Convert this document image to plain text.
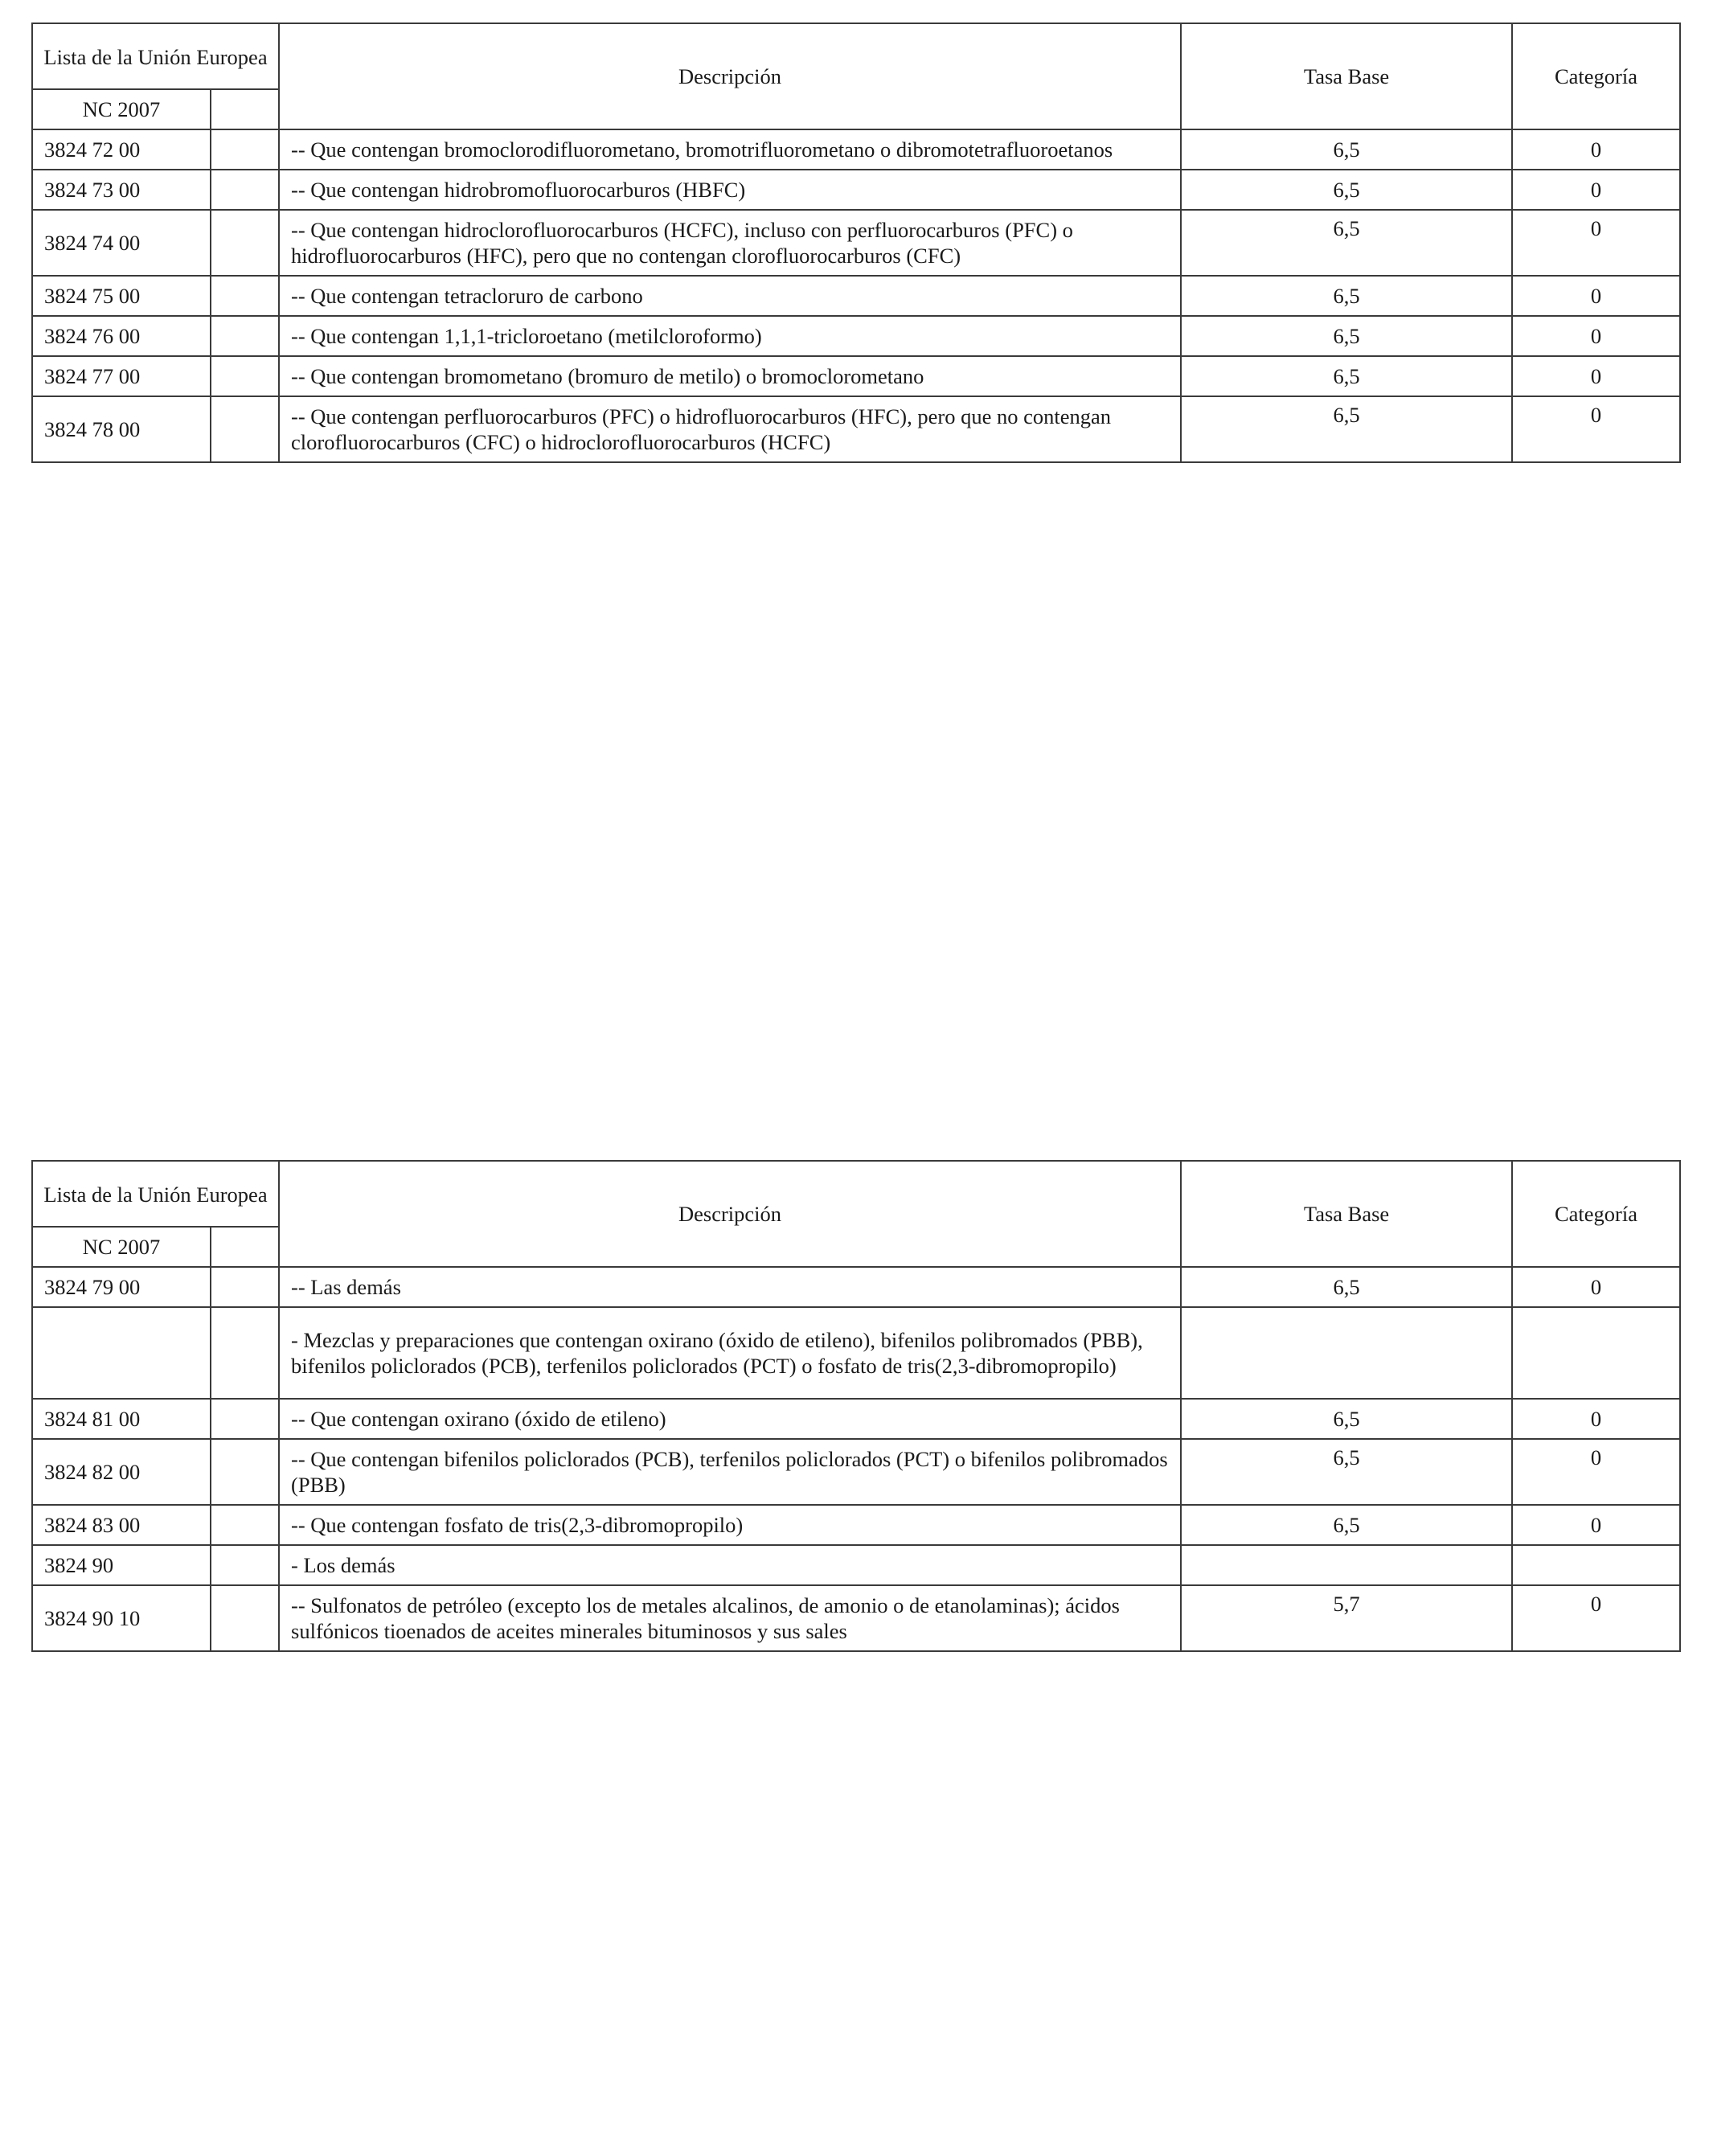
Lista de la Unión Europea		Descripción	Tasa Base	Categoría
NC 2007				
3824 72 00		-- Que contengan bromoclorodifluorometano, bromotrifluorometano o dibromotetrafluoroetanos	6,5	0
3824 73 00		-- Que contengan hidrobromofluorocarburos (HBFC)	6,5	0
3824 74 00		-- Que contengan hidroclorofluorocarburos (HCFC), incluso con perfluorocarburos (PFC) o hidrofluorocarburos (HFC), pero que no contengan clorofluorocarburos (CFC)	6,5	0
3824 75 00		-- Que contengan tetracloruro de carbono	6,5	0
3824 76 00		-- Que contengan 1,1,1-tricloroetano (metilcloroformo)	6,5	0
3824 77 00		-- Que contengan bromometano (bromuro de metilo) o bromoclorometano	6,5	0
3824 78 00		-- Que contengan perfluorocarburos (PFC) o hidrofluorocarburos (HFC), pero que no contengan clorofluorocarburos (CFC) o hidroclorofluorocarburos (HCFC)	6,5	0
Lista de la Unión Europea		Descripción	Tasa Base	Categoría
NC 2007				
3824 79 00		-- Las demás	6,5	0
		- Mezclas y preparaciones que contengan oxirano (óxido de etileno), bifenilos polibromados (PBB), bifenilos policlorados (PCB), terfenilos policlorados (PCT) o fosfato de tris(2,3-dibromopropilo)		
3824 81 00		-- Que contengan oxirano (óxido de etileno)	6,5	0
3824 82 00		-- Que contengan bifenilos policlorados (PCB), terfenilos policlorados (PCT) o bifenilos polibromados (PBB)	6,5	0
3824 83 00		-- Que contengan fosfato de tris(2,3-dibromopropilo)	6,5	0
3824 90		- Los demás		
3824 90 10		-- Sulfonatos de petróleo (excepto los de metales alcalinos, de amonio o de etanolaminas); ácidos sulfónicos tioenados de aceites minerales bituminosos y sus sales	5,7	0
